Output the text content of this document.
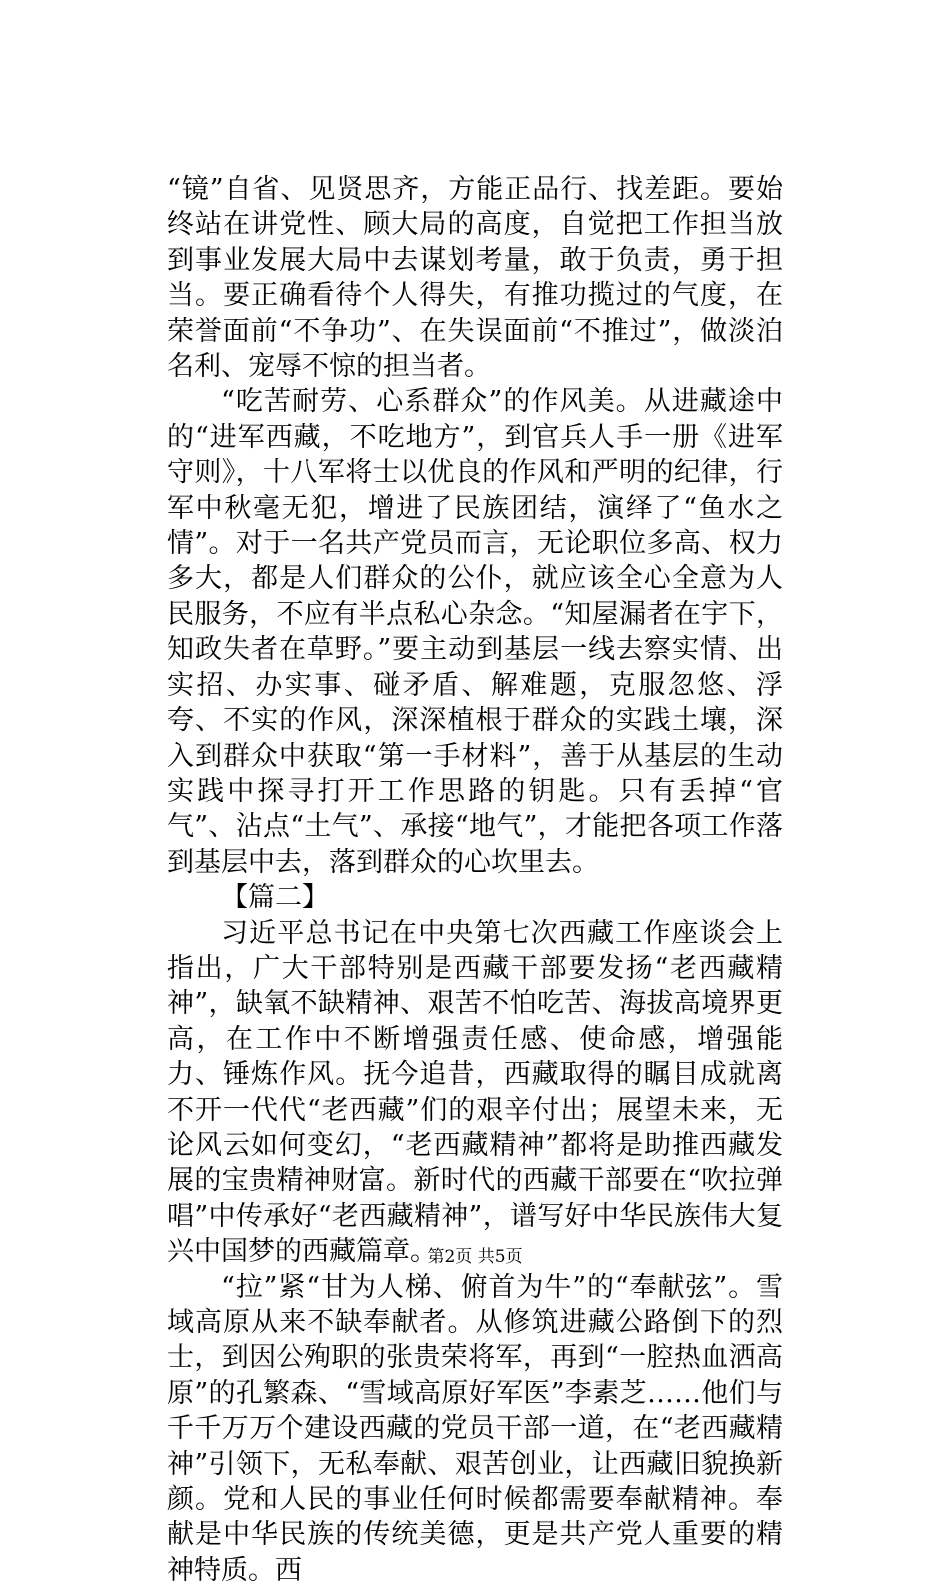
“镜”自省、见贤思齐，方能正品行、找差距。要始终站在讲党性、顾大局的高度，自觉把工作担当放到事业发展大局中去谋划考量，敢于负责，勇于担当。要正确看待个人得失，有推功揽过的气度，在荣誉面前“不争功”、在失误面前“不推过”，做淡泊名利、宠辱不惊的担当者。

“吃苦耐劳、心系群众”的作风美。从进藏途中的“进军西藏，不吃地方”，到官兵人手一册《进军守则》，十八军将士以优良的作风和严明的纪律，行军中秋毫无犯，增进了民族团结，演绎了“鱼水之情”。对于一名共产党员而言，无论职位多高、权力多大，都是人们群众的公仆，就应该全心全意为人民服务，不应有半点私心杂念。“知屋漏者在宇下，知政失者在草野。”要主动到基层一线去察实情、出实招、办实事、碰矛盾、解难题，克服忽悠、浮夸、不实的作风，深深植根于群众的实践土壤，深入到群众中获取“第一手材料”，善于从基层的生动实践中探寻打开工作思路的钥匙。只有丢掉“官气”、沾点“土气”、承接“地气”，才能把各项工作落到基层中去，落到群众的心坎里去。

【篇二】

习近平总书记在中央第七次西藏工作座谈会上指出，广大干部特别是西藏干部要发扬“老西藏精神”，缺氧不缺精神、艰苦不怕吃苦、海拔高境界更高，在工作中不断增强责任感、使命感，增强能力、锤炼作风。抚今追昔，西藏取得的瞩目成就离不开一代代“老西藏”们的艰辛付出；展望未来，无论风云如何变幻，“老西藏精神”都将是助推西藏发展的宝贵精神财富。新时代的西藏干部要在“吹拉弹唱”中传承好“老西藏精神”，谱写好中华民族伟大复兴中国梦的西藏篇章。

“拉”紧“甘为人梯、俯首为牛”的“奉献弦”。雪域高原从来不缺奉献者。从修筑进藏公路倒下的烈士，到因公殉职的张贵荣将军，再到“一腔热血洒高原”的孔繁森、“雪域高原好军医”李素芝……他们与千千万万个建设西藏的党员干部一道，在“老西藏精神”引领下，无私奉献、艰苦创业，让西藏旧貌换新颜。党和人民的事业任何时候都需要奉献精神。奉献是中华民族的传统美德，更是共产党人重要的精神特质。西

第2页 共5页
